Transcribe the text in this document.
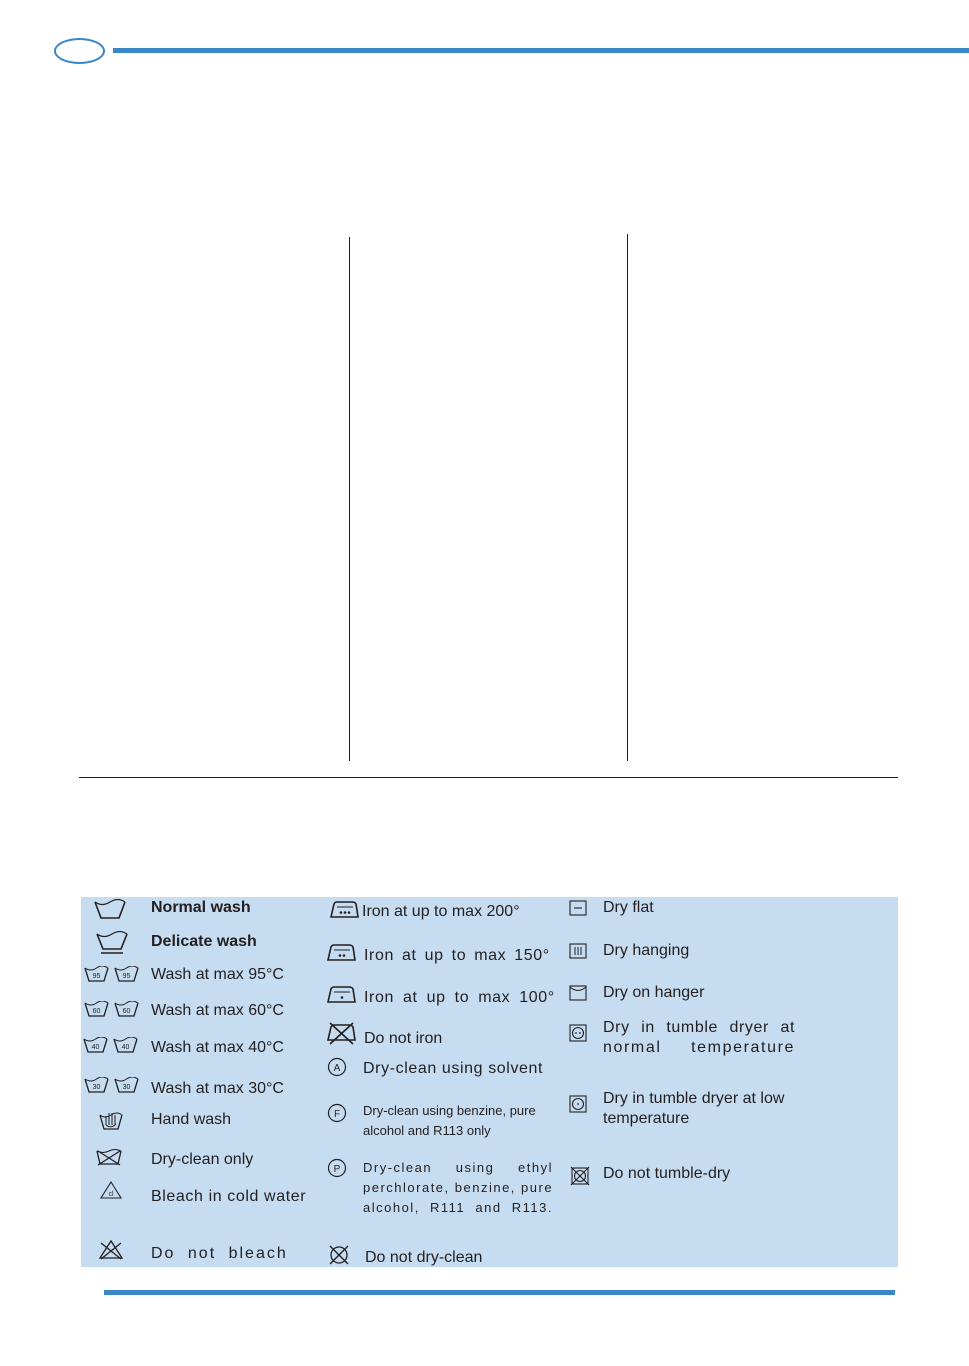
Normal wash
Delicate wash
95	95 Wash at max 95°C
60	60 Wash at max 60°C
40	40 Wash at max 40°C
30	30 Wash at max 30°C
Hand wash
Dry-clean only
cl Bleach in cold water
Do not bleach
Iron at up to max 200°
Iron at up to max 150°
Iron at up to max 100°
Do not iron
A Dry-clean using solvent
F Dry-clean using benzine, pure
alcohol and R113 only
P Dry-clean using ethyl
perchlorate, benzine, pure
alcohol, R111 and R113.
Do not dry-clean
Dry flat
Dry hanging
Dry on hanger
Dry in tumble dryer at
normal temperature
Dry in tumble dryer at low
temperature
Do not tumble-dry
